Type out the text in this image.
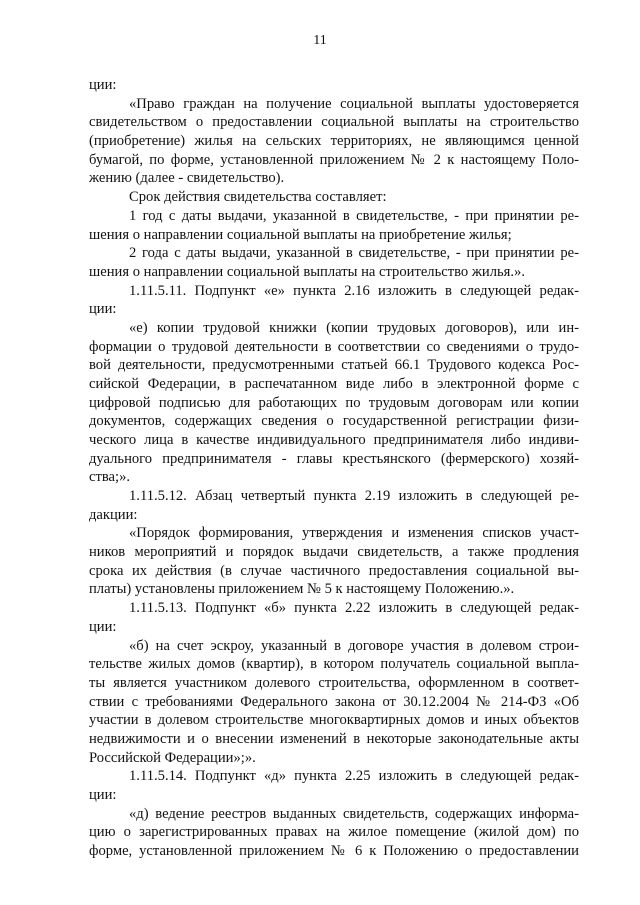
11
ции:
«Право граждан на получение социальной выплаты удостоверяется
свидетельством о предоставлении социальной выплаты на строительство
(приобретение) жилья на сельских территориях, не являющимся ценной
бумагой, по форме, установленной приложением № 2 к настоящему Поло-
жению (далее - свидетельство).
Срок действия свидетельства составляет:
1 год с даты выдачи, указанной в свидетельстве, - при принятии ре-
шения о направлении социальной выплаты на приобретение жилья;
2 года с даты выдачи, указанной в свидетельстве, - при принятии ре-
шения о направлении социальной выплаты на строительство жилья.».
1.11.5.11. Подпункт «е» пункта 2.16 изложить в следующей редак-
ции:
«е) копии трудовой книжки (копии трудовых договоров), или ин-
формации о трудовой деятельности в соответствии со сведениями о трудо-
вой деятельности, предусмотренными статьей 66.1 Трудового кодекса Рос-
сийской Федерации, в распечатанном виде либо в электронной форме с
цифровой подписью для работающих по трудовым договорам или копии
документов, содержащих сведения о государственной регистрации физи-
ческого лица в качестве индивидуального предпринимателя либо индиви-
дуального предпринимателя - главы крестьянского (фермерского) хозяй-
ства;».
1.11.5.12. Абзац четвертый пункта 2.19 изложить в следующей ре-
дакции:
«Порядок формирования, утверждения и изменения списков участ-
ников мероприятий и порядок выдачи свидетельств, а также продления
срока их действия (в случае частичного предоставления социальной вы-
платы) установлены приложением № 5 к настоящему Положению.».
1.11.5.13. Подпункт «б» пункта 2.22 изложить в следующей редак-
ции:
«б) на счет эскроу, указанный в договоре участия в долевом строи-
тельстве жилых домов (квартир), в котором получатель социальной выпла-
ты является участником долевого строительства, оформленном в соответ-
ствии с требованиями Федерального закона от 30.12.2004 № 214-ФЗ «Об
участии в долевом строительстве многоквартирных домов и иных объектов
недвижимости и о внесении изменений в некоторые законодательные акты
Российской Федерации»;».
1.11.5.14. Подпункт «д» пункта 2.25 изложить в следующей редак-
ции:
«д) ведение реестров выданных свидетельств, содержащих информа-
цию о зарегистрированных правах на жилое помещение (жилой дом) по
форме, установленной приложением № 6 к Положению о предоставлении
